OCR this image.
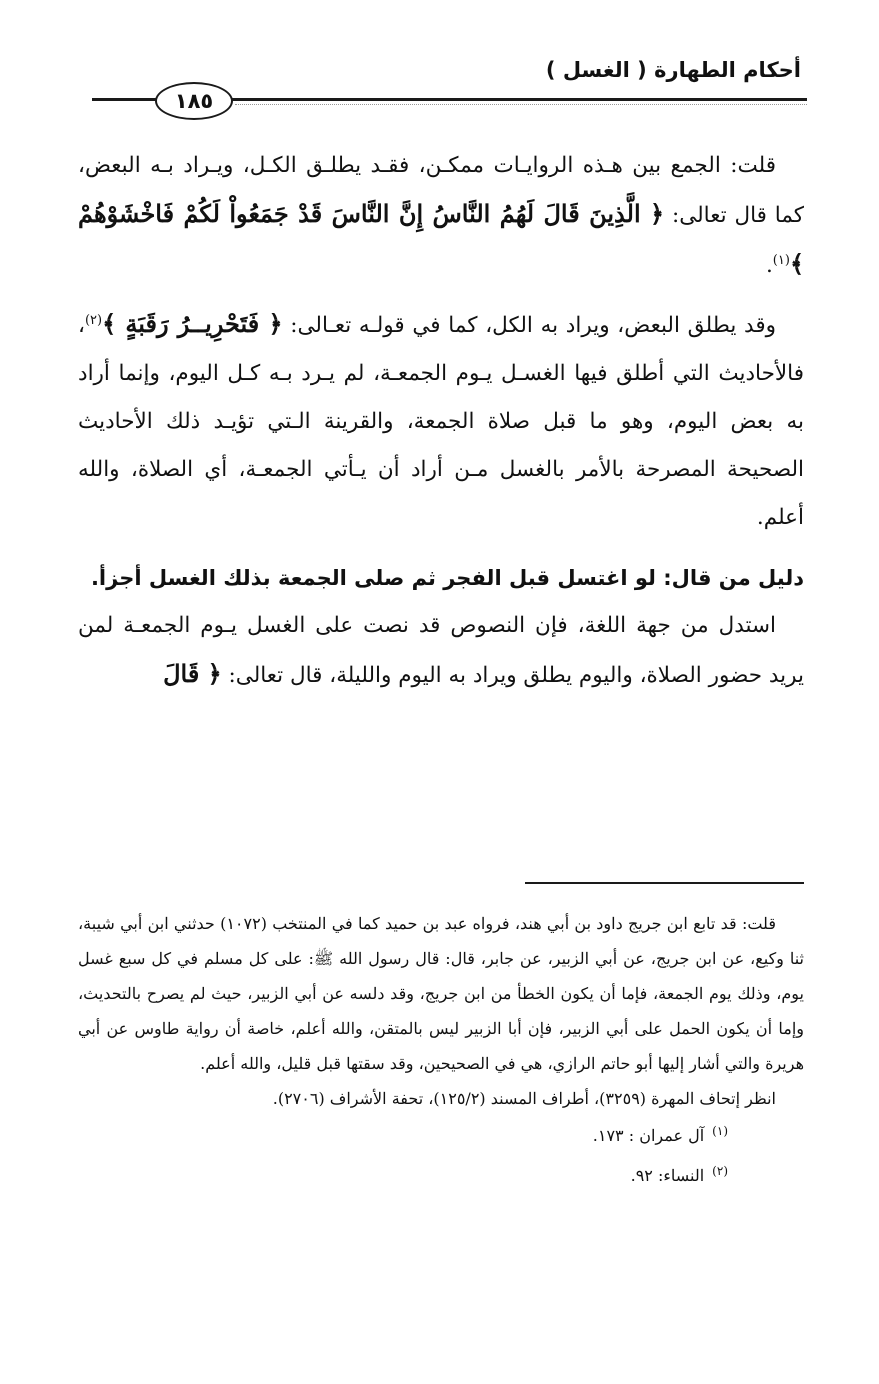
أحكام الطهارة ( الغسل )
١٨٥

قلت: الجمع بين هـذه الروايـات ممكـن، فقـد يطلـق الكـل، ويـراد بـه البعض، كما قال تعالى: ﴿ الَّذِينَ قَالَ لَهُمُ النَّاسُ إِنَّ النَّاسَ قَدْ جَمَعُواْ لَكُمْ فَاخْشَوْهُمْ ﴾$^{(١)}$.

وقد يطلق البعض، ويراد به الكل، كما في قولـه تعـالى: ﴿ فَتَحْرِيــرُ رَقَبَةٍ ﴾$^{(٢)}$، فالأحاديث التي أطلق فيها الغسـل يـوم الجمعـة، لم يـرد بـه كـل اليوم، وإنما أراد به بعض اليوم، وهو ما قبل صلاة الجمعة، والقرينة الـتي تؤيـد ذلك الأحاديث الصحيحة المصرحة بالأمر بالغسل مـن أراد أن يـأتي الجمعـة، أي الصلاة، والله أعلم.

دليل من قال: لو اغتسل قبل الفجر ثم صلى الجمعة بذلك الغسل أجزأ.

استدل من جهة اللغة، فإن النصوص قد نصت على الغسل يـوم الجمعـة لمن يريد حضور الصلاة، واليوم يطلق ويراد به اليوم والليلة، قال تعالى: ﴿ قَالَ

قلت: قد تابع ابن جريج داود بن أبي هند، فرواه عبد بن حميد كما في المنتخب (١٠٧٢) حدثني ابن أبي شيبة، ثنا وكيع، عن ابن جريج، عن أبي الزبير، عن جابر، قال: قال رسول الله ﷺ: على كل مسلم في كل سبع غسل يوم، وذلك يوم الجمعة، فإما أن يكون الخطأ من ابن جريج، وقد دلسه عن أبي الزبير، حيث لم يصرح بالتحديث، وإما أن يكون الحمل على أبي الزبير، فإن أبا الزبير ليس بالمتقن، والله أعلم، خاصة أن رواية طاوس عن أبي هريرة والتي أشار إليها أبو حاتم الرازي، هي في الصحيحين، وقد سقتها قبل قليل، والله أعلم.

انظر إتحاف المهرة (٣٢٥٩)، أطراف المسند (١٢٥/٢)، تحفة الأشراف (٢٧٠٦).

$^{(١)}$آل عمران : ١٧٣.

$^{(٢)}$النساء: ٩٢.
